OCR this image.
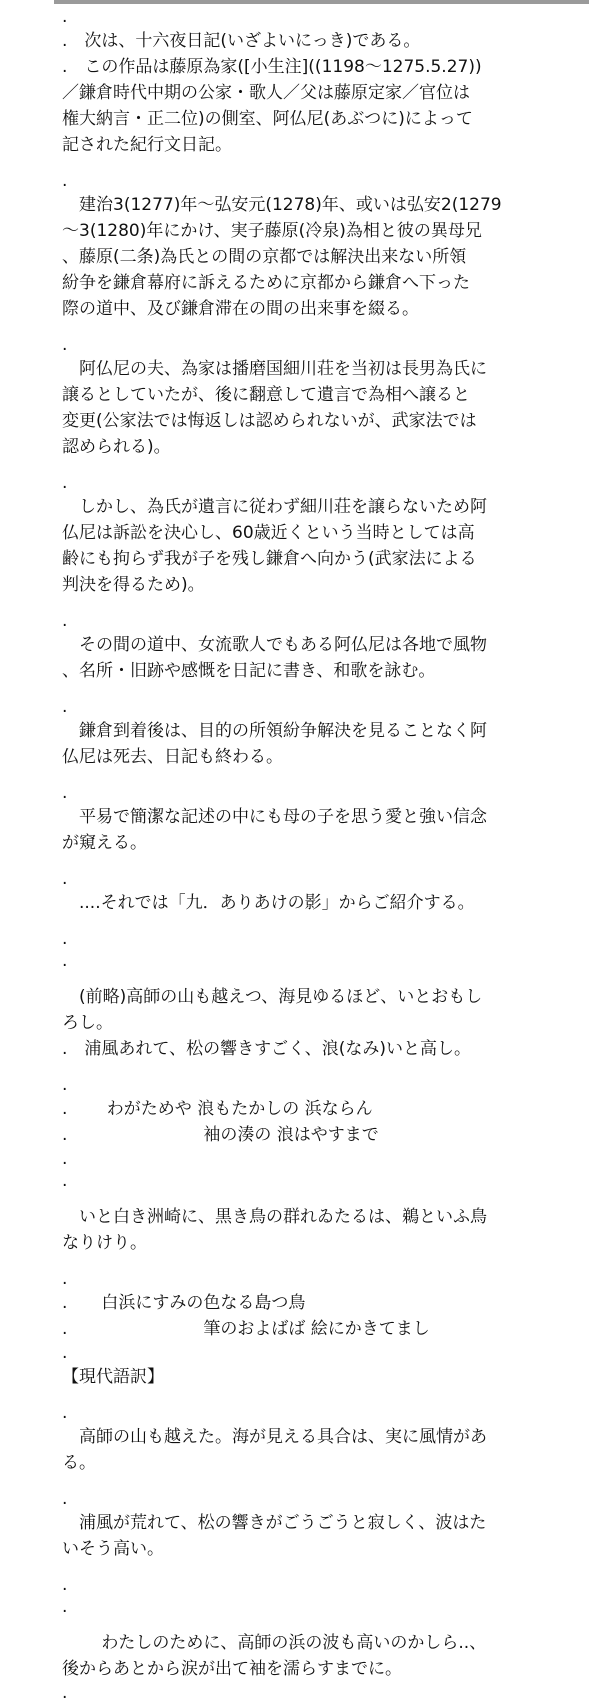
.
.　次は、十六夜日記(いざよいにっき)である。
.　この作品は藤原為家([小生注]((1198〜1275.5.27))
／鎌倉時代中期の公家・歌人／父は藤原定家／官位は
権大納言・正二位)の側室、阿仏尼(あぶつに)によって
記された紀行文日記。
.
　建治3(1277)年〜弘安元(1278)年、或いは弘安2(1279
〜3(1280)年にかけ、実子藤原(冷泉)為相と彼の異母兄
、藤原(二条)為氏との間の京都では解決出来ない所領
紛争を鎌倉幕府に訴えるために京都から鎌倉へ下った
際の道中、及び鎌倉滞在の間の出来事を綴る。
.
　阿仏尼の夫、為家は播磨国細川荘を当初は長男為氏に
譲るとしていたが、後に翻意して遺言で為相へ譲ると
変更(公家法では悔返しは認められないが、武家法では
認められる)。
.
　しかし、為氏が遺言に従わず細川荘を譲らないため阿
仏尼は訴訟を決心し、60歳近くという当時としては高
齢にも拘らず我が子を残し鎌倉へ向かう(武家法による
判決を得るため)。
.
　その間の道中、女流歌人でもある阿仏尼は各地で風物
、名所・旧跡や感慨を日記に書き、和歌を詠む。
.
　鎌倉到着後は、目的の所領紛争解決を見ることなく阿
仏尼は死去、日記も終わる。
.
　平易で簡潔な記述の中にも母の子を思う愛と強い信念
が窺える。
.
　....それでは「九．ありあけの影」からご紹介する。
.
.
　(前略)高師の山も越えつ、海見ゆるほど、いとおもし
ろし。
.　浦風あれて、松の響きすごく、浪(なみ)いと高し。
.
.　　 わがためや 浪もたかしの 浜ならん
.　　　　　　　　袖の湊の 浪はやすまで
.
.
　いと白き洲崎に、黒き鳥の群れゐたるは、鵜といふ鳥
なりけり。
.
.　　白浜にすみの色なる島つ鳥
.　　　　　　　　筆のおよばば 絵にかきてまし
.
【現代語訳】
.
　高師の山も越えた。海が見える具合は、実に風情があ
る。
.
　浦風が荒れて、松の響きがごうごうと寂しく、波はた
いそう高い。
.
.
　　 わたしのために、高師の浜の波も高いのかしら..、
後からあとから涙が出て袖を濡らすまでに。
.
